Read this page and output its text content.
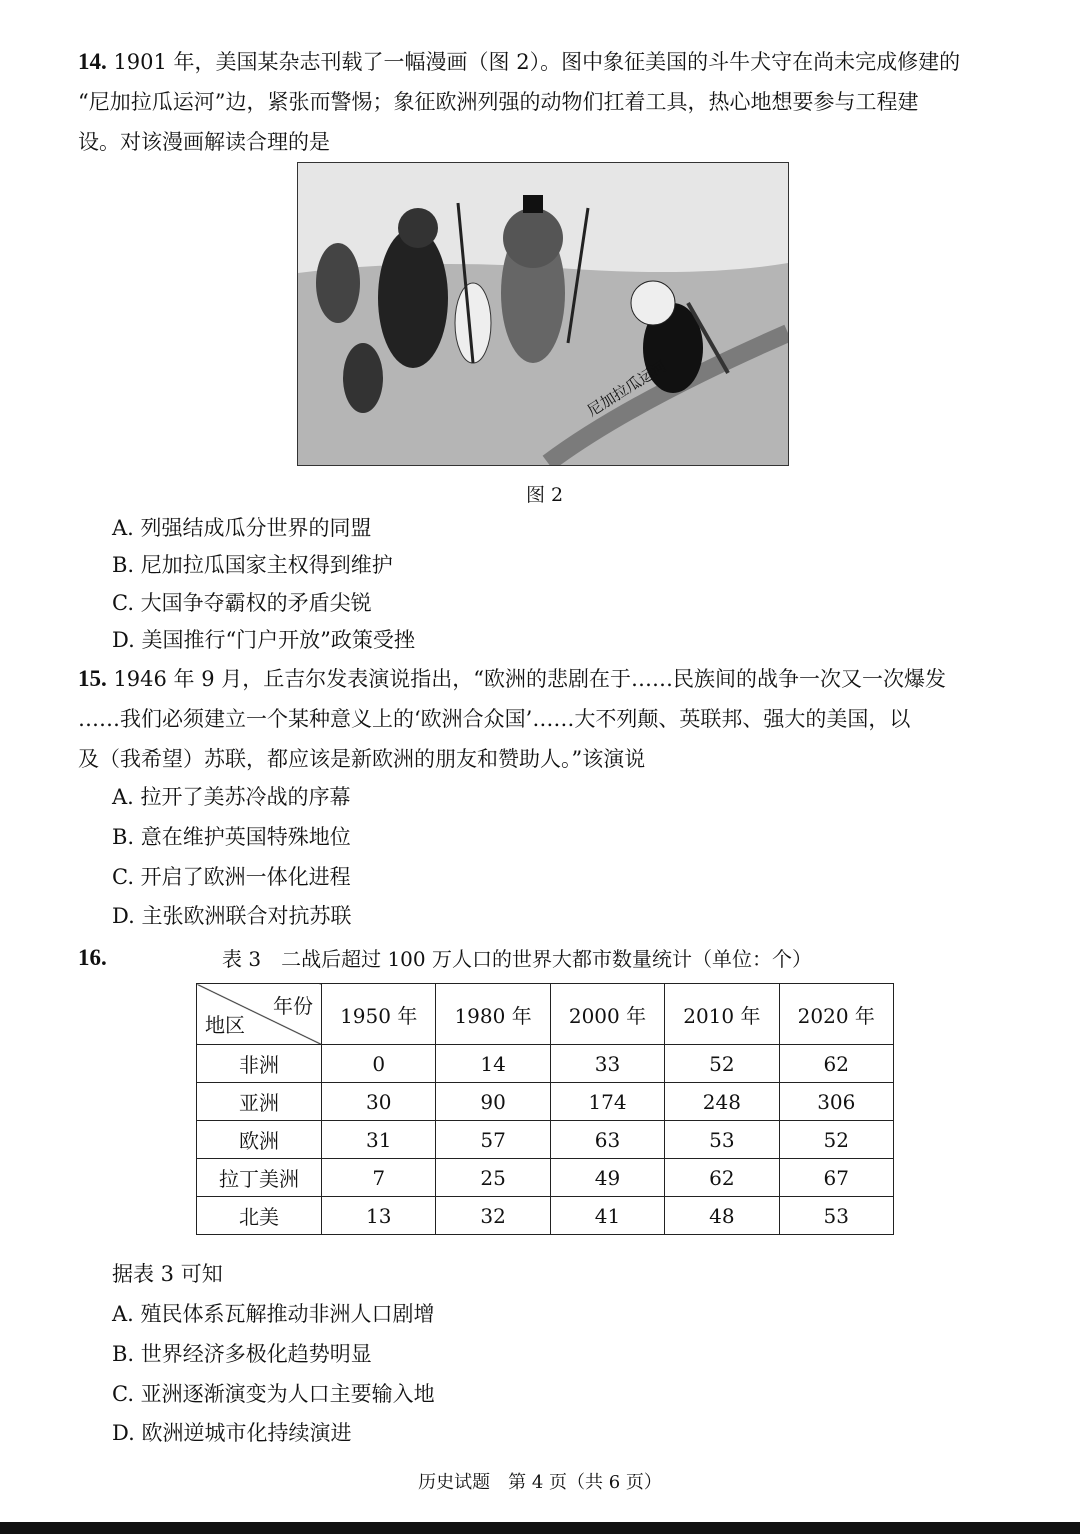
14. 1901 年，美国某杂志刊载了一幅漫画（图 2）。图中象征美国的斗牛犬守在尚未完成修建的
“尼加拉瓜运河”边，紧张而警惕；象征欧洲列强的动物们扛着工具，热心地想要参与工程建
设。对该漫画解读合理的是
尼加拉瓜运河
图 2
A. 列强结成瓜分世界的同盟
B. 尼加拉瓜国家主权得到维护
C. 大国争夺霸权的矛盾尖锐
D. 美国推行“门户开放”政策受挫
15. 1946 年 9 月，丘吉尔发表演说指出，“欧洲的悲剧在于……民族间的战争一次又一次爆发
……我们必须建立一个某种意义上的‘欧洲合众国’……大不列颠、英联邦、强大的美国，以
及（我希望）苏联，都应该是新欧洲的朋友和赞助人。”该演说
A. 拉开了美苏冷战的序幕
B. 意在维护英国特殊地位
C. 开启了欧洲一体化进程
D. 主张欧洲联合对抗苏联
16.	表 3　二战后超过 100 万人口的世界大都市数量统计（单位：个）
年份
地区	1950 年	1980 年	2000 年	2010 年	2020 年
非洲	0	14	33	52	62
亚洲	30	90	174	248	306
欧洲	31	57	63	53	52
拉丁美洲	7	25	49	62	67
北美	13	32	41	48	53
据表 3 可知
A. 殖民体系瓦解推动非洲人口剧增
B. 世界经济多极化趋势明显
C. 亚洲逐渐演变为人口主要输入地
D. 欧洲逆城市化持续演进
历史试题　第 4 页（共 6 页）
